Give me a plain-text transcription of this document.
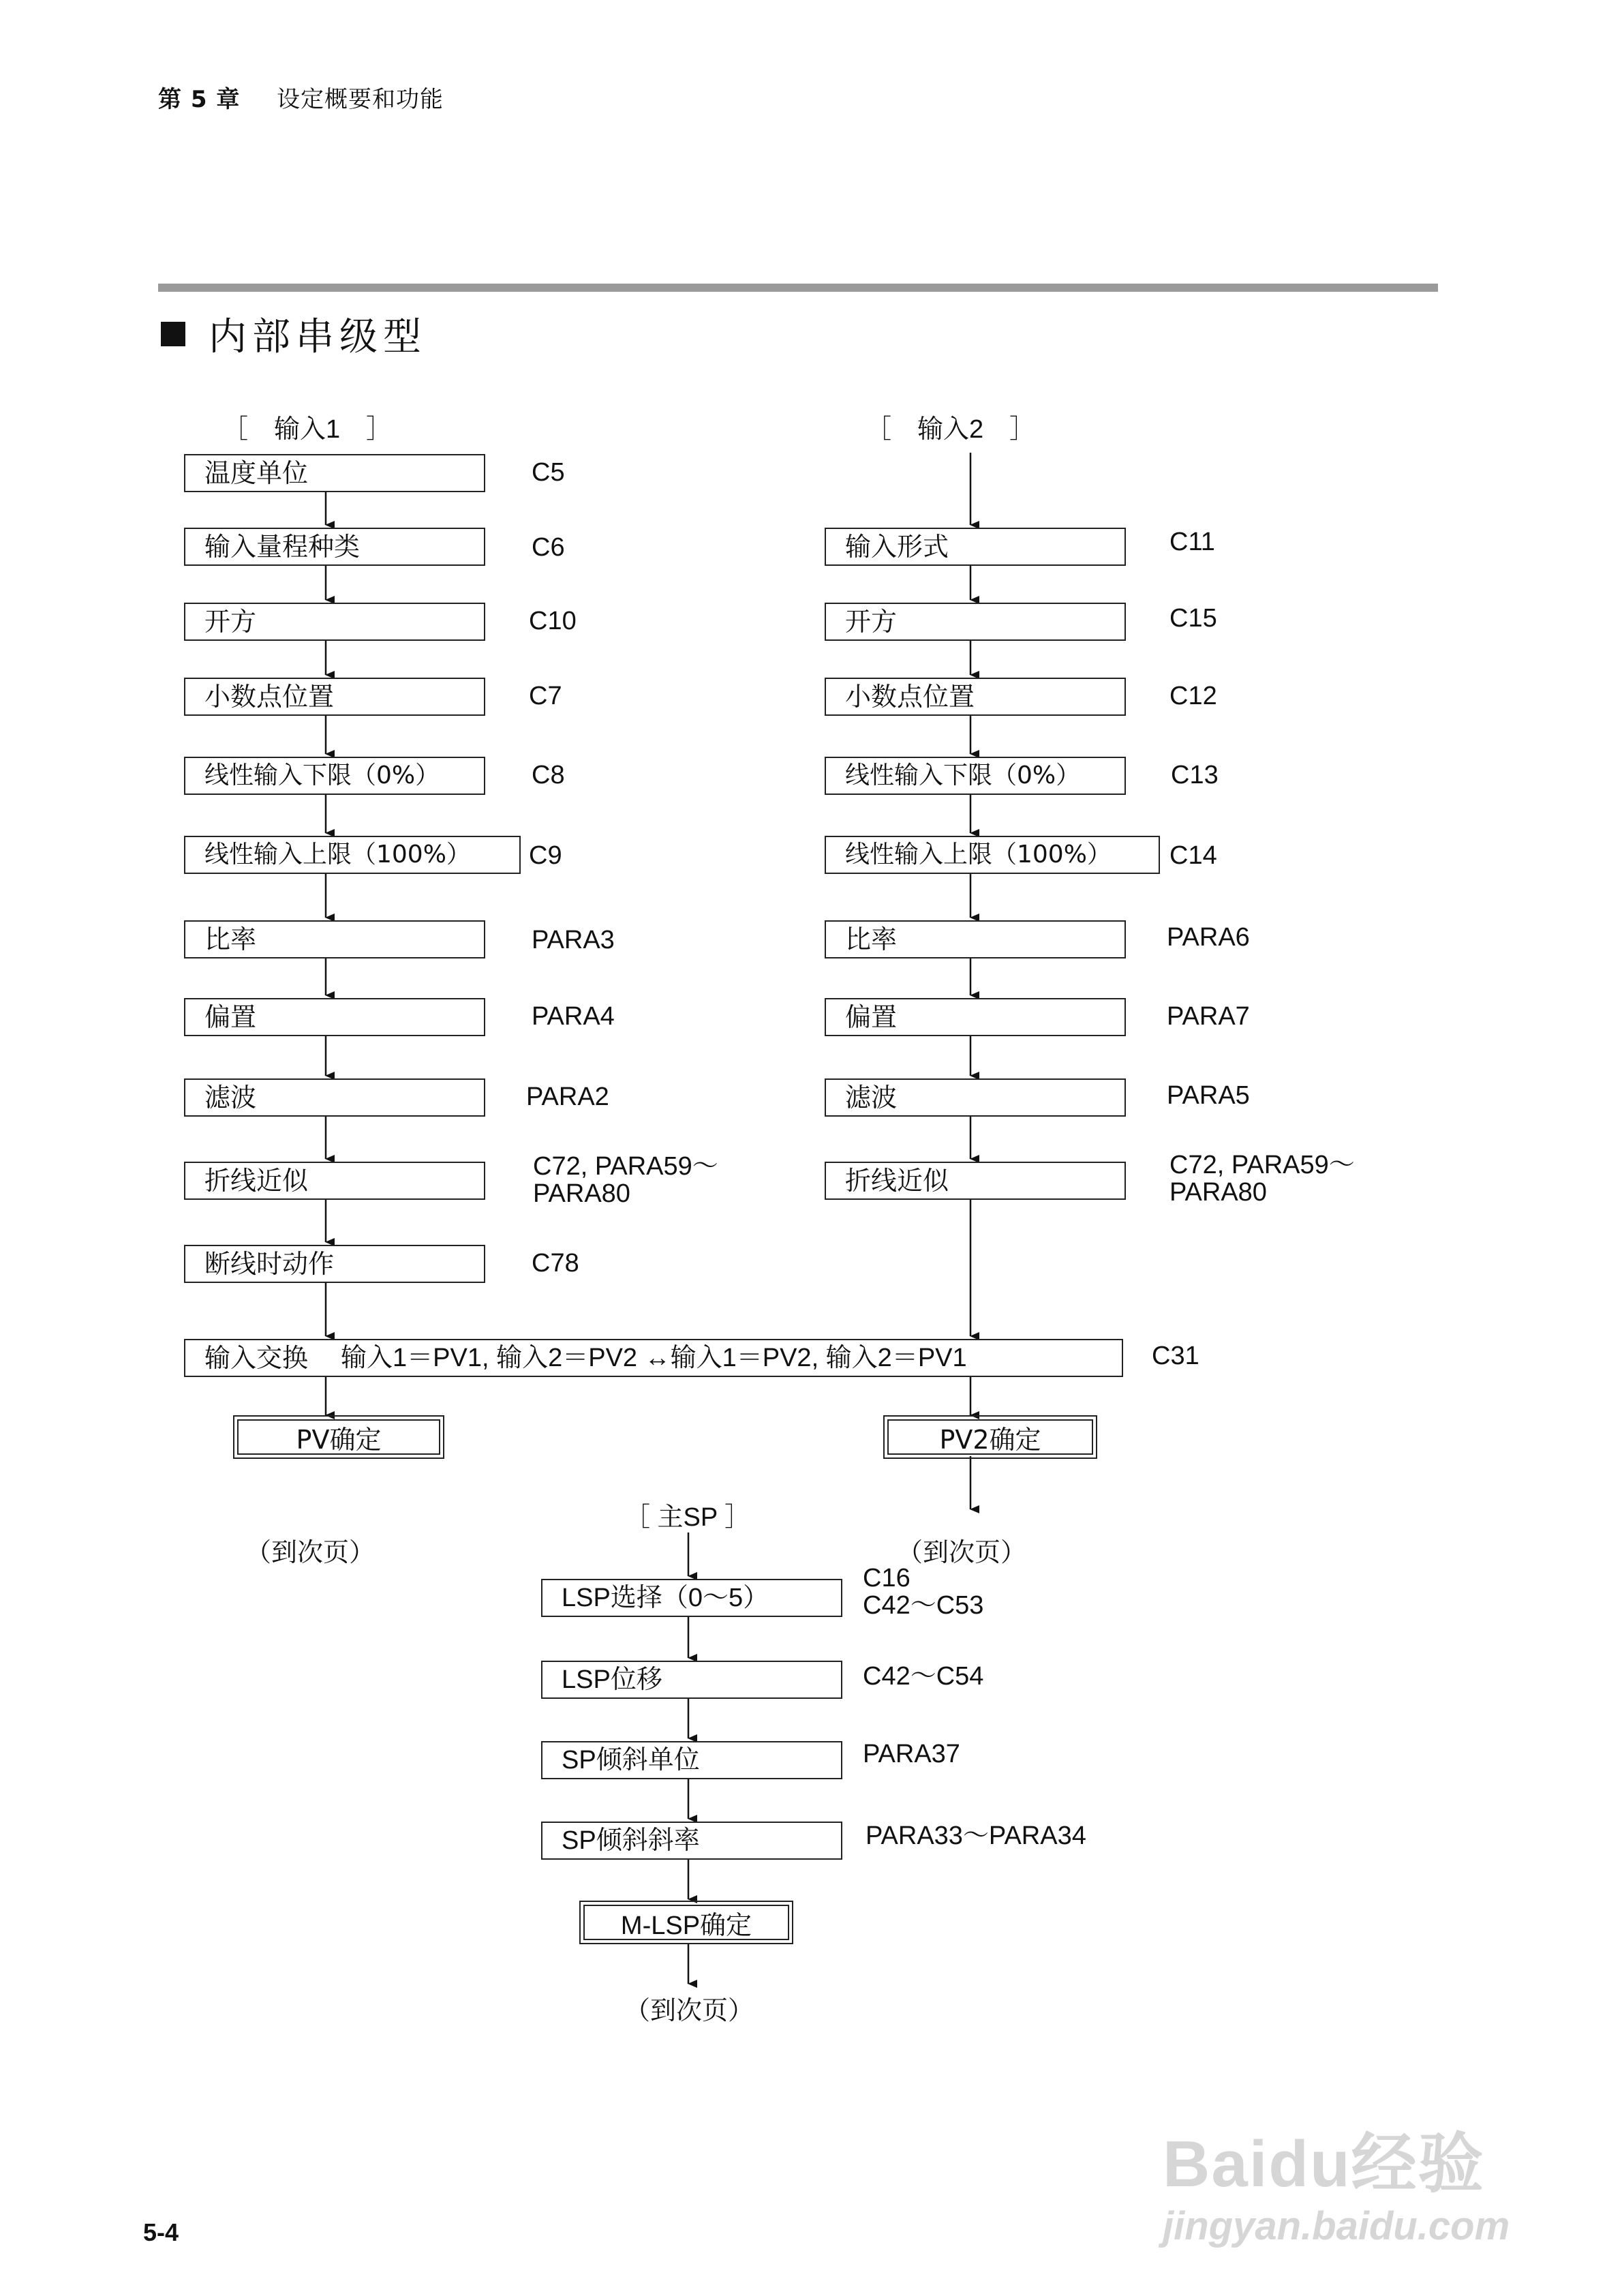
第 5 章 设定概要和功能
内部串级型
［　输入1　］	［　输入2　］
温度单位	C5
输入量程种类	C6
开方	C10
小数点位置	C7
线性输入下限（0%）	C8
线性输入上限（100%） C9
比率	PARA3
偏置	PARA4
滤波	PARA2
折线近似	C72, PARA59～
PARA80
断线时动作	C78
输入形式	C11
开方	C15
小数点位置	C12
线性输入下限（0%）	C13
线性输入上限（100%） C14
比率	PARA6
偏置	PARA7
滤波	PARA5
折线近似
C72, PARA59～
PARA80
输入交换 输入1＝PV1, 输入2＝PV2 ↔输入1＝PV2, 输入2＝PV1	C31
PV确定	PV2确定
（到次页）	（到次页）
［ 主SP ］
LSP选择（0～5）
C16
C42～C53
LSP位移	C42～C54
SP倾斜单位	PARA37
SP倾斜斜率	PARA33～PARA34
M-LSP确定
（到次页）
5-4
Baidu经验
jingyan.baidu.com
